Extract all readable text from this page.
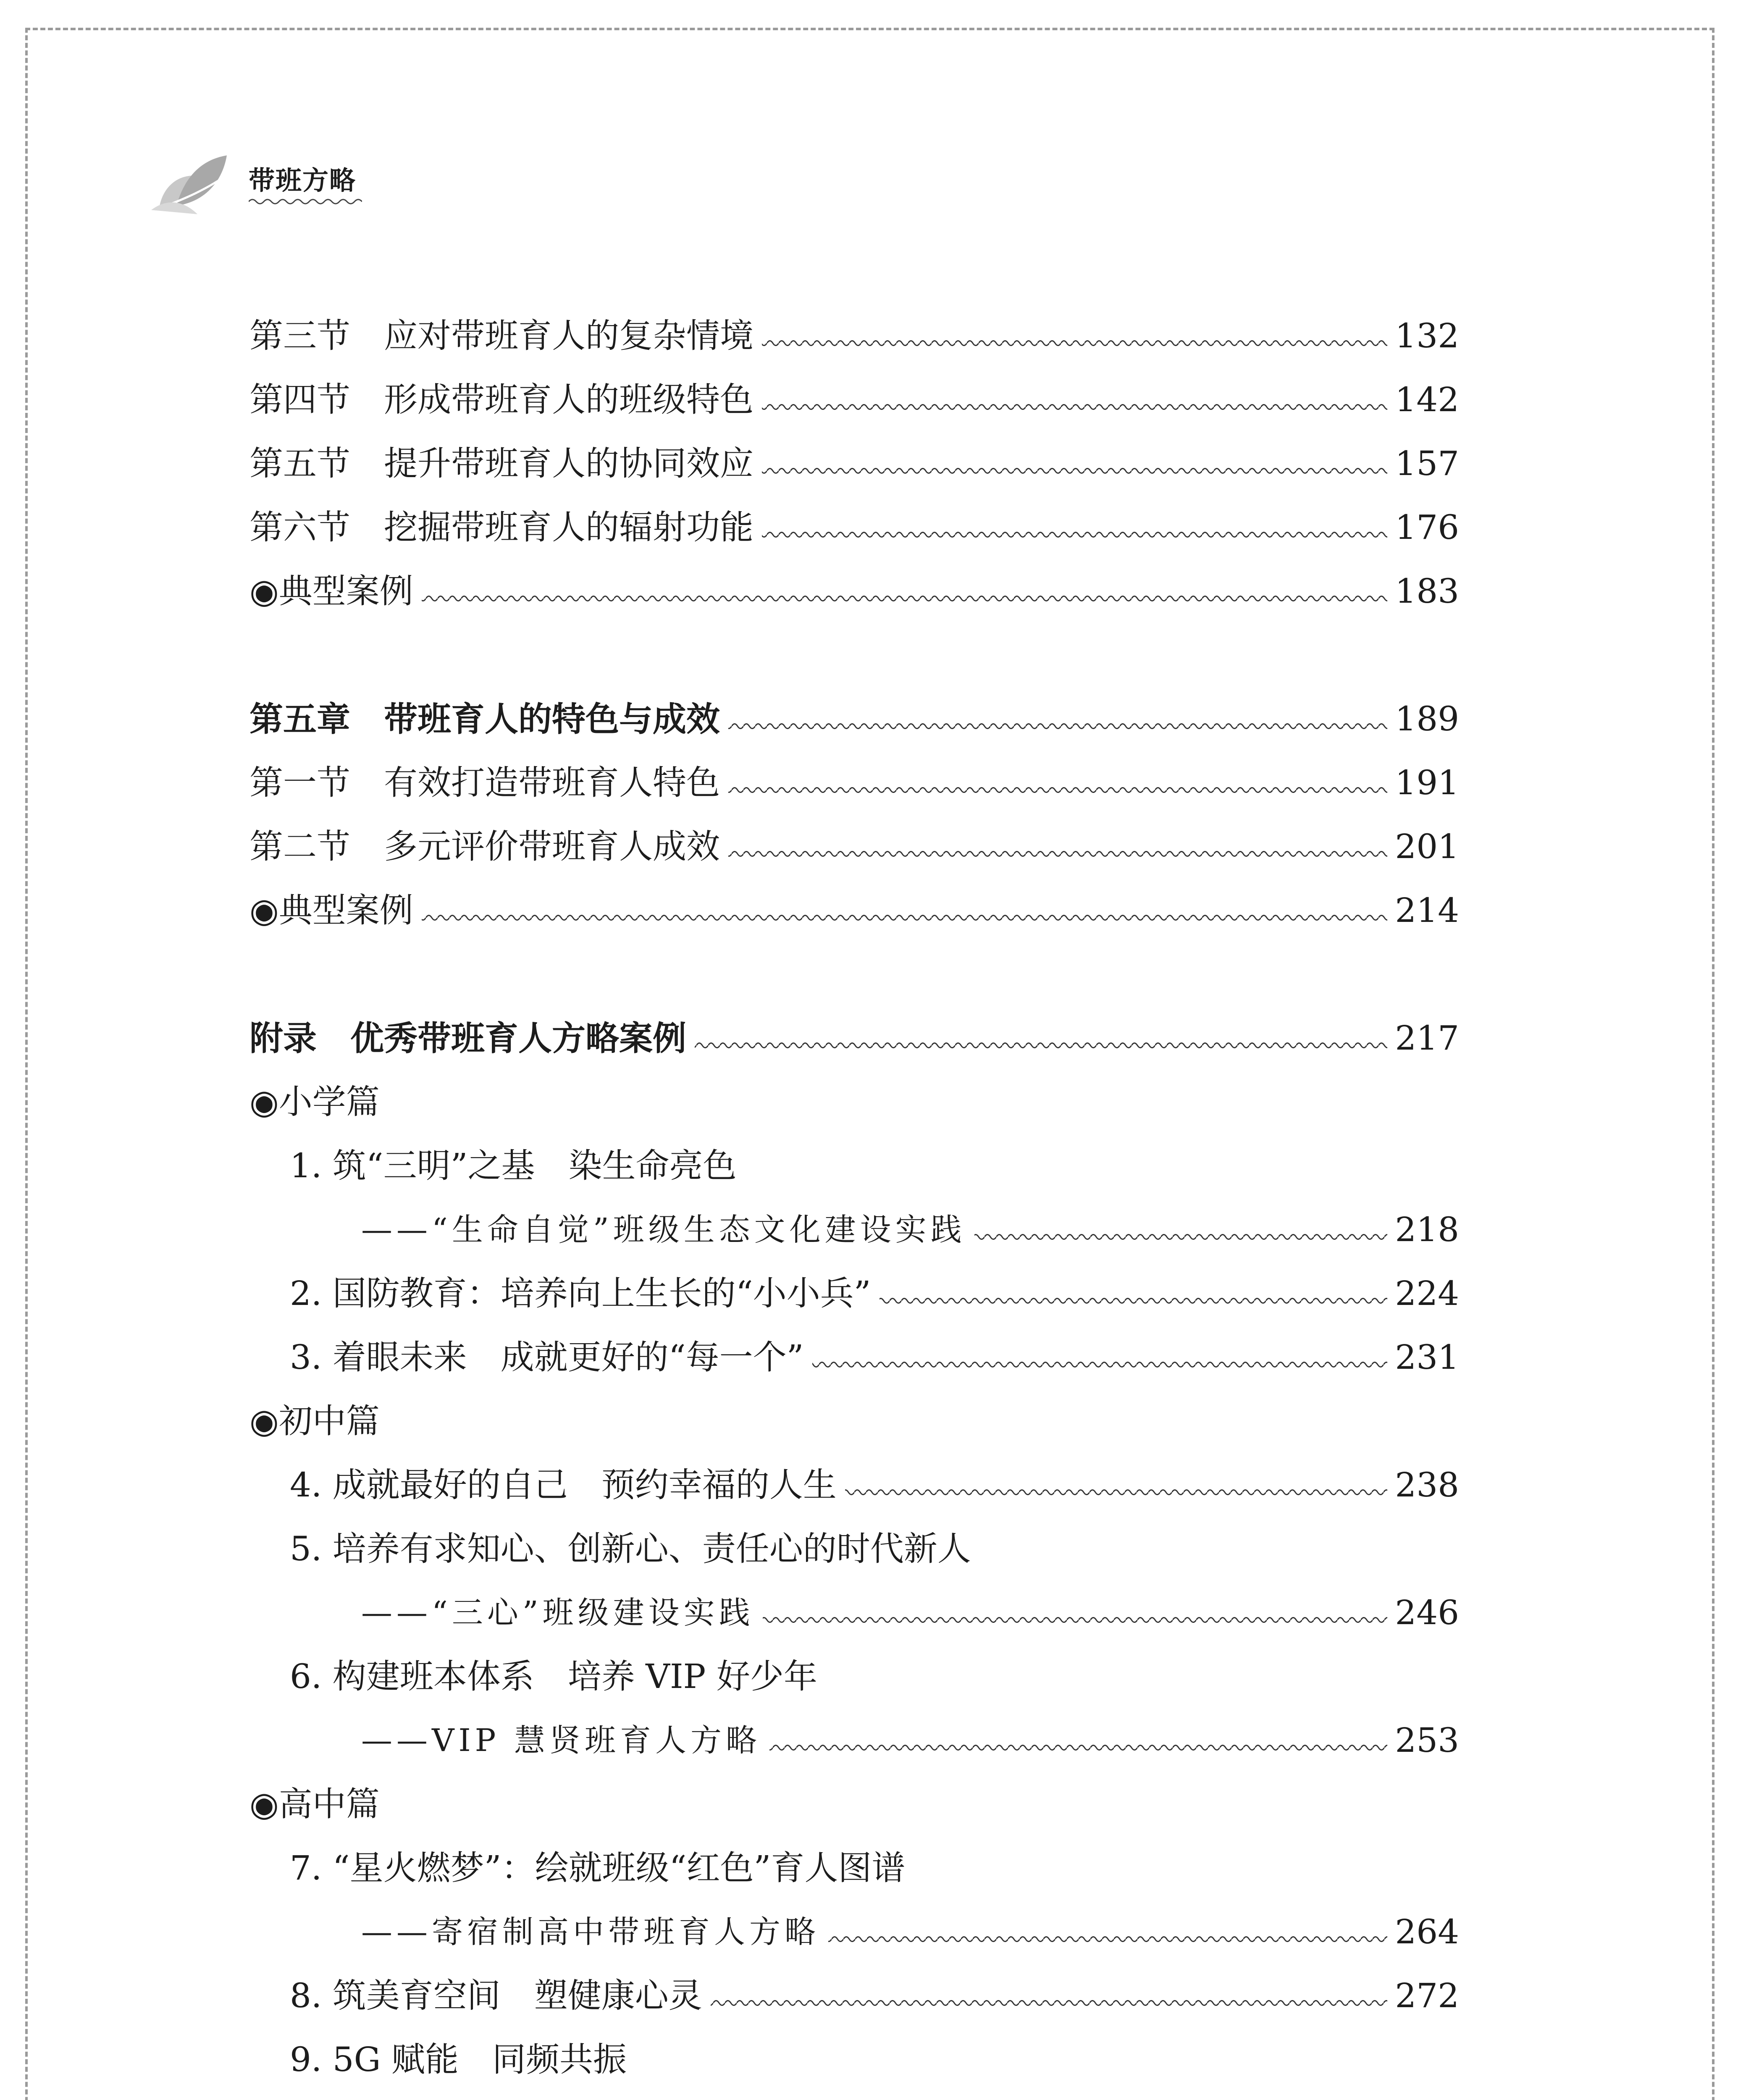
带班方略
第三节　应对带班育人的复杂情境	132
第四节　形成带班育人的班级特色	142
第五节　提升带班育人的协同效应	157
第六节　挖掘带班育人的辐射功能	176
◉典型案例	183
第五章　带班育人的特色与成效	189
第一节　有效打造带班育人特色	191
第二节　多元评价带班育人成效	201
◉典型案例	214
附录　优秀带班育人方略案例	217
◉小学篇
1. 筑“三明”之基　染生命亮色
——“生命自觉”班级生态文化建设实践	218
2. 国防教育：培养向上生长的“小小兵”	224
3. 着眼未来　成就更好的“每一个”	231
◉初中篇
4. 成就最好的自己　预约幸福的人生	238
5. 培养有求知心、创新心、责任心的时代新人
——“三心”班级建设实践	246
6. 构建班本体系　培养 VIP 好少年
——VIP 慧贤班育人方略	253
◉高中篇
7. “星火燃梦”：绘就班级“红色”育人图谱
——寄宿制高中带班育人方略	264
8. 筑美育空间　塑健康心灵	272
9. 5G 赋能　同频共振
